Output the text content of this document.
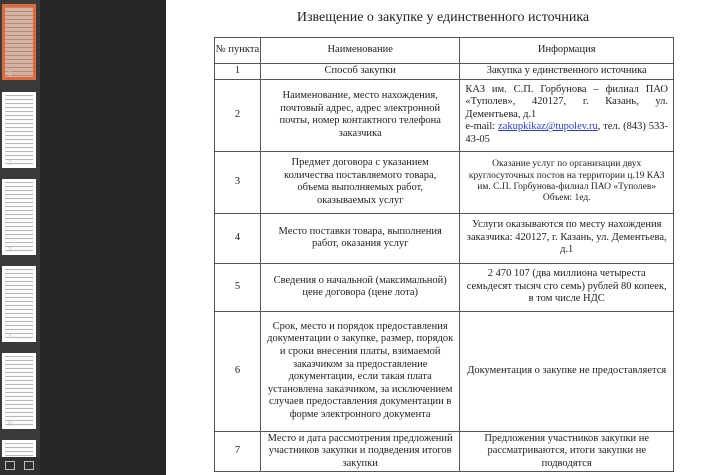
1
2
3
4
5
Извещение о закупке у единственного источника
№ пункта	Наименование	Информация
1	Способ закупки	Закупка у единственного источника
2	Наименование, место нахождения, почтовый адрес, адрес электронной почты, номер контактного телефона заказчика	КАЗ им. С.П. Горбунова – филиал ПАО «Туполев», 420127, г. Казань, ул. Дементьева, д.1
e-mail: zakupkikaz@tupolev.ru, тел. (843) 533-43-05
3	Предмет договора с указанием количества поставляемого товара, объема выполняемых работ, оказываемых услуг	Оказание услуг по организации двух круглосуточных постов на территории ц.19 КАЗ им. С.П. Горбунова-филиал ПАО «Туполев»
Объем: 1ед.
4	Место поставки товара, выполнения работ, оказания услуг	Услуги оказываются по месту нахождения заказчика: 420127, г. Казань, ул. Дементьева, д.1
5	Сведения о начальной (максимальной) цене договора (цене лота)	2 470 107 (два миллиона четыреста семьдесят тысяч сто семь) рублей 80 копеек, в том числе НДС
6	Срок, место и порядок предоставления документации о закупке, размер, порядок и сроки внесения платы, взимаемой заказчиком за предоставление документации, если такая плата установлена заказчиком, за исключением случаев предоставления документации в форме электронного документа	Документация о закупке не предоставляется
7	Место и дата рассмотрения предложений участников закупки и подведения итогов закупки	Предложения участников закупки не рассматриваются, итоги закупки не подводятся
